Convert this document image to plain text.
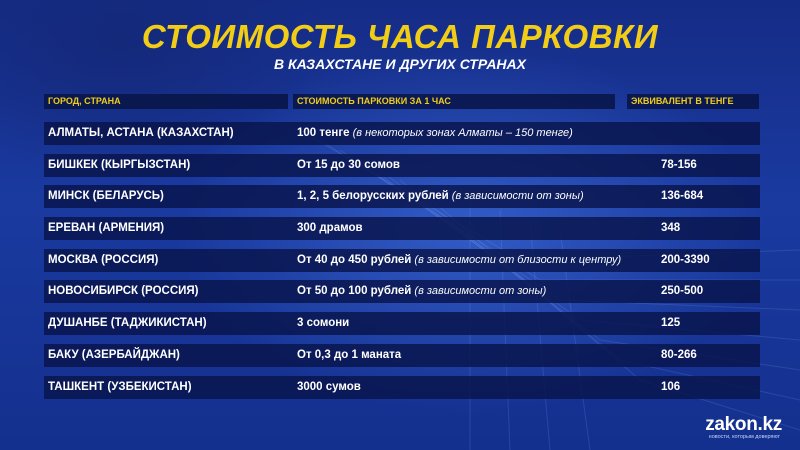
СТОИМОСТЬ ЧАСА ПАРКОВКИ
В КАЗАХСТАНЕ И ДРУГИХ СТРАНАХ
ГОРОД, СТРАНА	СТОИМОСТЬ ПАРКОВКИ ЗА 1 ЧАС	ЭКВИВАЛЕНТ В ТЕНГЕ
АЛМАТЫ, АСТАНА (КАЗАХСТАН)	100 тенге (в некоторых зонах Алматы – 150 тенге)
БИШКЕК (КЫРГЫЗСТАН)	От 15 до 30 сомов	78-156
МИНСК (БЕЛАРУСЬ)	1, 2, 5 белорусских рублей (в зависимости от зоны)	136-684
ЕРЕВАН (АРМЕНИЯ)	300 драмов	348
МОСКВА (РОССИЯ)	От 40 до 450 рублей (в зависимости от близости к центру)	200-3390
НОВОСИБИРСК (РОССИЯ)	От 50 до 100 рублей (в зависимости от зоны)	250-500
ДУШАНБЕ (ТАДЖИКИСТАН)	3 сомони	125
БАКУ (АЗЕРБАЙДЖАН)	От 0,3 до 1 маната	80-266
ТАШКЕНТ (УЗБЕКИСТАН)	3000 сумов	106
zakon.kz
новости, которым доверяют
